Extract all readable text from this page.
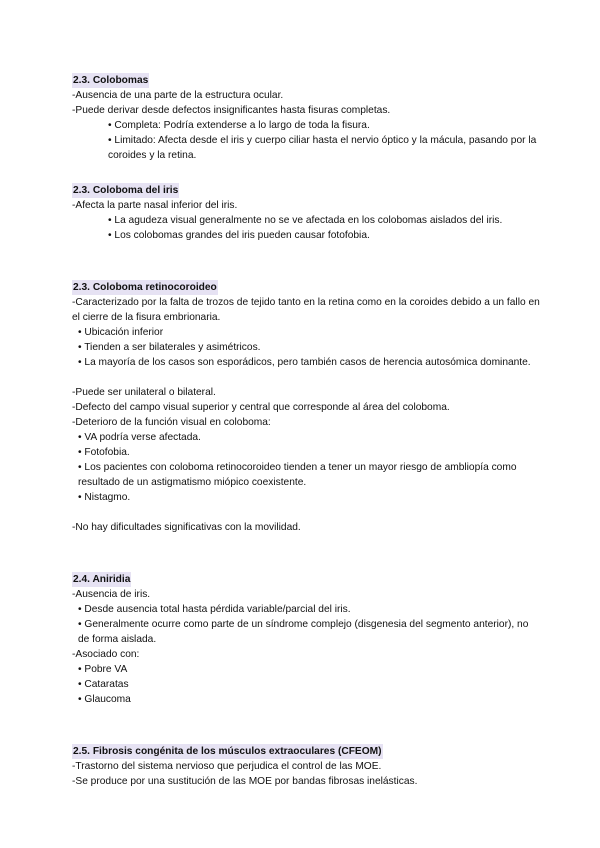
2.3. Colobomas
-Ausencia de una parte de la estructura ocular.
-Puede derivar desde defectos insignificantes hasta fisuras completas.
• Completa: Podría extenderse a lo largo de toda la fisura.
• Limitado: Afecta desde el iris y cuerpo ciliar hasta el nervio óptico y la mácula, pasando por la coroides y la retina.
2.3. Coloboma del iris
-Afecta la parte nasal inferior del iris.
• La agudeza visual generalmente no se ve afectada en los colobomas aislados del iris.
• Los colobomas grandes del iris pueden causar fotofobia.
2.3. Coloboma retinocoroideo
-Caracterizado por la falta de trozos de tejido tanto en la retina como en la coroides debido a un fallo en el cierre de la fisura embrionaria.
• Ubicación inferior
• Tienden a ser bilaterales y asimétricos.
• La mayoría de los casos son esporádicos, pero también casos de herencia autosómica dominante.
-Puede ser unilateral o bilateral.
-Defecto del campo visual superior y central que corresponde al área del coloboma.
-Deterioro de la función visual en coloboma:
• VA podría verse afectada.
• Fotofobia.
• Los pacientes con coloboma retinocoroideo tienden a tener un mayor riesgo de ambliopía como resultado de un astigmatismo miópico coexistente.
• Nistagmo.
-No hay dificultades significativas con la movilidad.
2.4. Aniridia
-Ausencia de iris.
• Desde ausencia total hasta pérdida variable/parcial del iris.
• Generalmente ocurre como parte de un síndrome complejo (disgenesia del segmento anterior), no de forma aislada.
-Asociado con:
• Pobre VA
• Cataratas
• Glaucoma
2.5. Fibrosis congénita de los músculos extraoculares (CFEOM)
-Trastorno del sistema nervioso que perjudica el control de las MOE.
-Se produce por una sustitución de las MOE por bandas fibrosas inelásticas.
